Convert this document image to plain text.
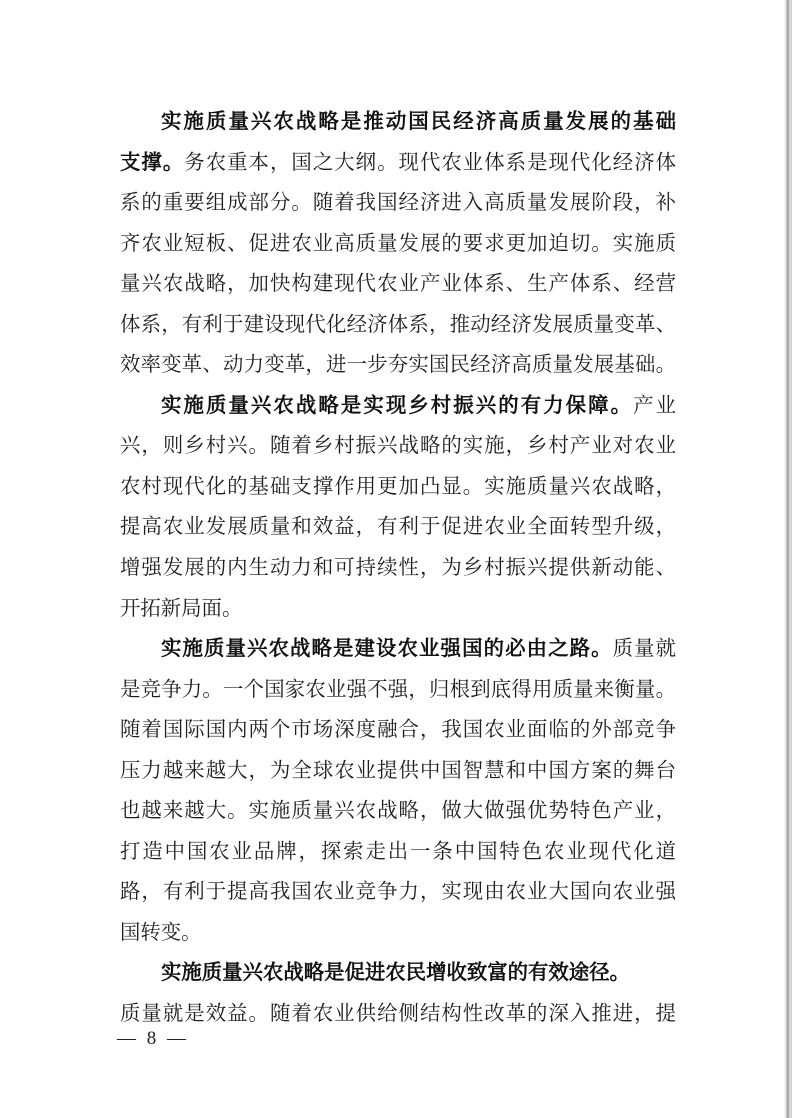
实施质量兴农战略是推动国民经济高质量发展的基础
支撑。务农重本，国之大纲。现代农业体系是现代化经济体
系的重要组成部分。随着我国经济进入高质量发展阶段，补
齐农业短板、促进农业高质量发展的要求更加迫切。实施质
量兴农战略，加快构建现代农业产业体系、生产体系、经营
体系，有利于建设现代化经济体系，推动经济发展质量变革、
效率变革、动力变革，进一步夯实国民经济高质量发展基础。
实施质量兴农战略是实现乡村振兴的有力保障。产业
兴，则乡村兴。随着乡村振兴战略的实施，乡村产业对农业
农村现代化的基础支撑作用更加凸显。实施质量兴农战略，
提高农业发展质量和效益，有利于促进农业全面转型升级，
增强发展的内生动力和可持续性，为乡村振兴提供新动能、
开拓新局面。
实施质量兴农战略是建设农业强国的必由之路。质量就
是竞争力。一个国家农业强不强，归根到底得用质量来衡量。
随着国际国内两个市场深度融合，我国农业面临的外部竞争
压力越来越大，为全球农业提供中国智慧和中国方案的舞台
也越来越大。实施质量兴农战略，做大做强优势特色产业，
打造中国农业品牌，探索走出一条中国特色农业现代化道
路，有利于提高我国农业竞争力，实现由农业大国向农业强
国转变。
实施质量兴农战略是促进农民增收致富的有效途径。
质量就是效益。随着农业供给侧结构性改革的深入推进，提
— 8 —
